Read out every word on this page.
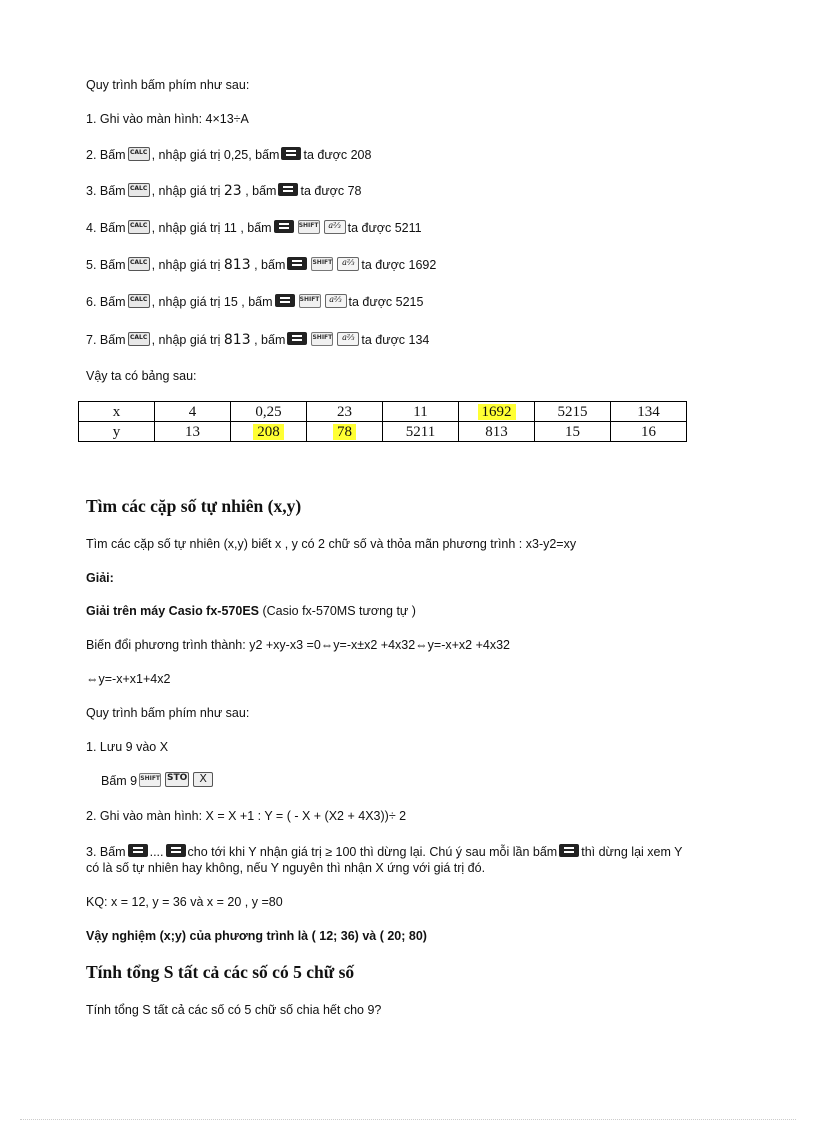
Quy trình bấm phím như sau:
1. Ghi vào màn hình: 4×13÷A
2. Bấm CALC , nhập giá trị 0,25, bấm ta được 208
3. Bấm CALC , nhập giá trị 23 , bấm ta được 78
4. Bấm CALC , nhập giá trị 11 , bấm	SHIFT a⅔ ta được 5211
5. Bấm CALC , nhập giá trị 813 , bấm	SHIFT a⅔ ta được 1692
6. Bấm CALC , nhập giá trị 15 , bấm	SHIFT a⅔ ta được 5215
7. Bấm CALC , nhập giá trị 813 , bấm	SHIFT a⅔ ta được 134
Vậy ta có bảng sau:
x	4	0,25	23	11	1692	5215	134
y	13	208	78	5211	813	15	16
Tìm các cặp số tự nhiên (x,y)
Tìm các cặp số tự nhiên (x,y) biết x , y có 2 chữ số và thỏa mãn phương trình : x3-y2=xy
Giải:
Giải trên máy Casio fx-570ES (Casio fx-570MS tương tự )
Biến đổi phương trình thành: y2 +xy-x3 =0⇔y=-x±x2 +4x32⇔y=-x+x2 +4x32
⇔y=-x+x1+4x2
Quy trình bấm phím như sau:
1. Lưu 9 vào X
Bấm 9 SHIFT STO X
2. Ghi vào màn hình: X = X +1 : Y = ( - X + (X2 + 4X3))÷ 2
3. Bấm .... cho tới khi Y nhận giá trị ≥ 100 thì dừng lại. Chú ý sau mỗi lần bấm thì dừng lại xem Y
có là số tự nhiên hay không, nếu Y nguyên thì nhận X ứng với giá trị đó.
KQ: x = 12, y = 36 và x = 20 , y =80
Vậy nghiệm (x;y) của phương trình là ( 12; 36) và ( 20; 80)
Tính tổng S tất cả các số có 5 chữ số
Tính tổng S tất cả các số có 5 chữ số chia hết cho 9?
